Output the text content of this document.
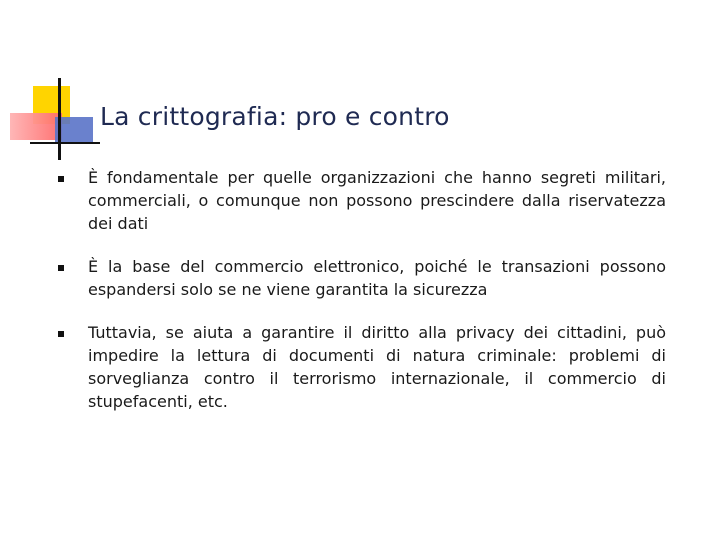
La crittografia: pro e contro
È fondamentale per quelle organizzazioni che hanno segreti militari, commerciali, o comunque non possono prescindere dalla riservatezza dei dati
È la base del commercio elettronico, poiché le transazioni possono espandersi solo se ne viene garantita la sicurezza
Tuttavia, se aiuta a garantire il diritto alla privacy dei cittadini, può impedire la lettura di documenti di natura criminale: problemi di sorveglianza contro il terrorismo internazionale, il commercio di stupefacenti, etc.
